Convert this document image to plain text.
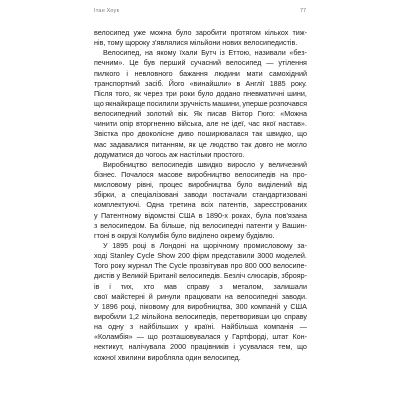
Ітан Хоук	77
велосипед уже можна було заробити протягом кількох тиж-
нів, тому щороку з'являлися мільйони нових велосипедистів.
Велосипед, на якому їхали Бутч із Еттою, називали «без-
печним». Це був перший сучасний велосипед — утілення
пилкого і невловного бажання людини мати самохідний
транспортний засіб. Його «винайшли» в Англії 1885 року.
Після того, як через три роки було додано пневматичні шини,
що якнайкраще посилили зручність машини, уперше розпочався
велосипедний золотий вік. Як писав Віктор Гюго: «Можна
чинити опір вторгненню війська, але не ідеї, час якої настав».
Звістка про двоколісне диво поширювалася так швидко, що
мас задавалися питанням, як це людство так довго не могло
додуматися до чогось аж настільки простого.
Виробництво велосипедів швидко виросло у величезний
бізнес. Почалося масове виробництво велосипедів на про-
мисловому рівні, процес виробництва було виділений від
збірки, а спеціалізовані заводи постачали стандартизовані
комплектуючі. Одна третина всіх патентів, зареєстрованих
у Патентному відомстві США в 1890-х роках, була пов'язана
з велосипедом. Ба більше, під велосипедні патенти у Вашин-
гтоні в окрузі Колумбія було виділено окрему будівлю.
У 1895 році в Лондоні на щорічному промисловому за-
ході Stanley Cycle Show 200 фірм представили 3000 моделей.
Того року журнал The Cycle прозвітував про 800 000 велосипе-
дистів у Великій Британії велосипедів. Безліч слюсарів, зброяр-
ів і тих, хто мав справу з металом, залишали
свої майстерні й ринули працювати на велосипедні заводи.
У 1896 році, піковому для виробництва, 300 компаній у США
виробили 1,2 мільйона велосипедів, перетворивши цю справу
на одну з найбільших у країні. Найбільша компанія —
«Коламбія» — що розташовувалася у Гартфорді, штат Кон-
нектикут, налічувала 2000 працівників і усувалася тем, що
кожної хвилини виробляла один велосипед.
